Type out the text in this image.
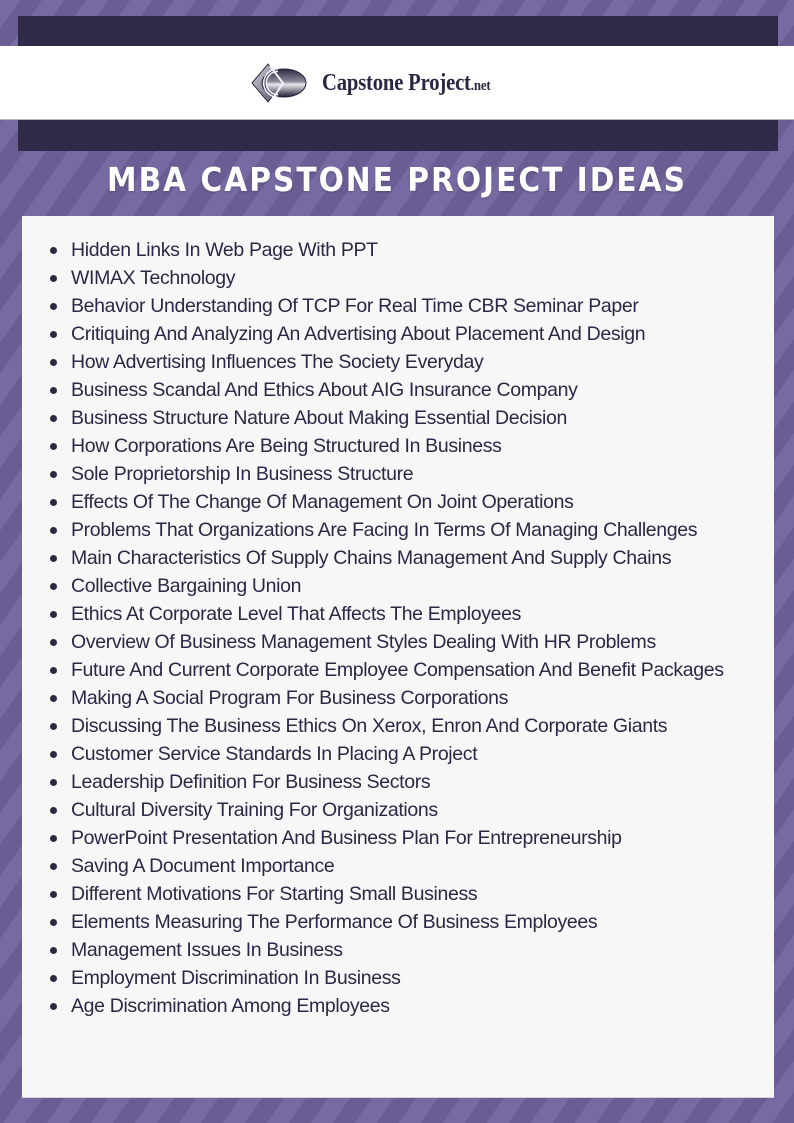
Capstone Project.net
MBA CAPSTONE PROJECT IDEAS
Hidden Links In Web Page With PPT
WIMAX Technology
Behavior Understanding Of TCP For Real Time CBR Seminar Paper
Critiquing And Analyzing An Advertising About Placement And Design
How Advertising Influences The Society Everyday
Business Scandal And Ethics About AIG Insurance Company
Business Structure Nature About Making Essential Decision
How Corporations Are Being Structured In Business
Sole Proprietorship In Business Structure
Effects Of The Change Of Management On Joint Operations
Problems That Organizations Are Facing In Terms Of Managing Challenges
Main Characteristics Of Supply Chains Management And Supply Chains
Collective Bargaining Union
Ethics At Corporate Level That Affects The Employees
Overview Of Business Management Styles Dealing With HR Problems
Future And Current Corporate Employee Compensation And Benefit Packages
Making A Social Program For Business Corporations
Discussing The Business Ethics On Xerox, Enron And Corporate Giants
Customer Service Standards In Placing A Project
Leadership Definition For Business Sectors
Cultural Diversity Training For Organizations
PowerPoint Presentation And Business Plan For Entrepreneurship
Saving A Document Importance
Different Motivations For Starting Small Business
Elements Measuring The Performance Of Business Employees
Management Issues In Business
Employment Discrimination In Business
Age Discrimination Among Employees
